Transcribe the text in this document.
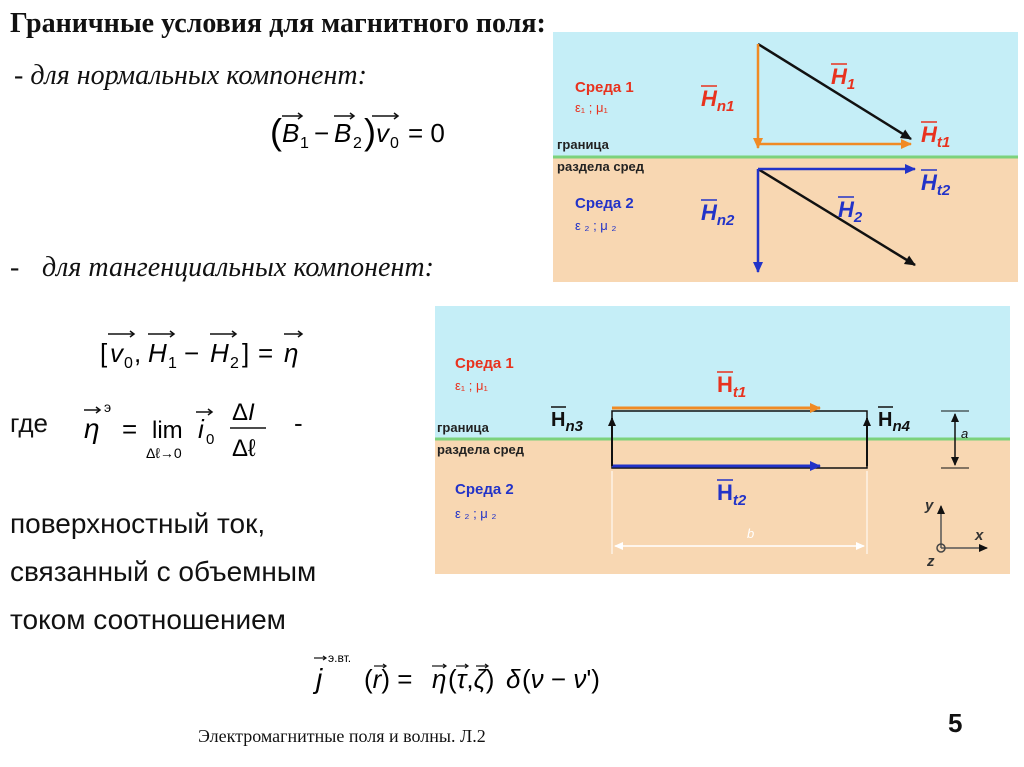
Граничные условия для магнитного поля:
- для нормальных компонент:
( B 1 − B 2 ) v 0 = 0
- для тангенциальных компонент:
[ v 0 , H 1 − H 2 ] = η
где η
э
= lim
Δℓ→0
i 0
ΔI
Δℓ
-
поверхностный ток,
связанный с объемным
током соотношением
j
э.вт.
(r) = η (τ,ζ) δ (ν − ν')
Электромагнитные поля и волны. Л.2	5
Среда 1
ε₁ ; μ₁
граница
раздела сред
Среда 2
ε ₂ ; μ ₂
$H_1$
$H_{n1}$
$H_{t1}$
$H_{t2}$
$H_{n2}$	$H_2$
Среда 1
ε₁ ; μ₁
граница
раздела сред
Среда 2
ε ₂ ; μ ₂
a
b
y
x
z
$H_{t1}$
$H_{t2}$
$H_{n3}$	$H_{n4}$
